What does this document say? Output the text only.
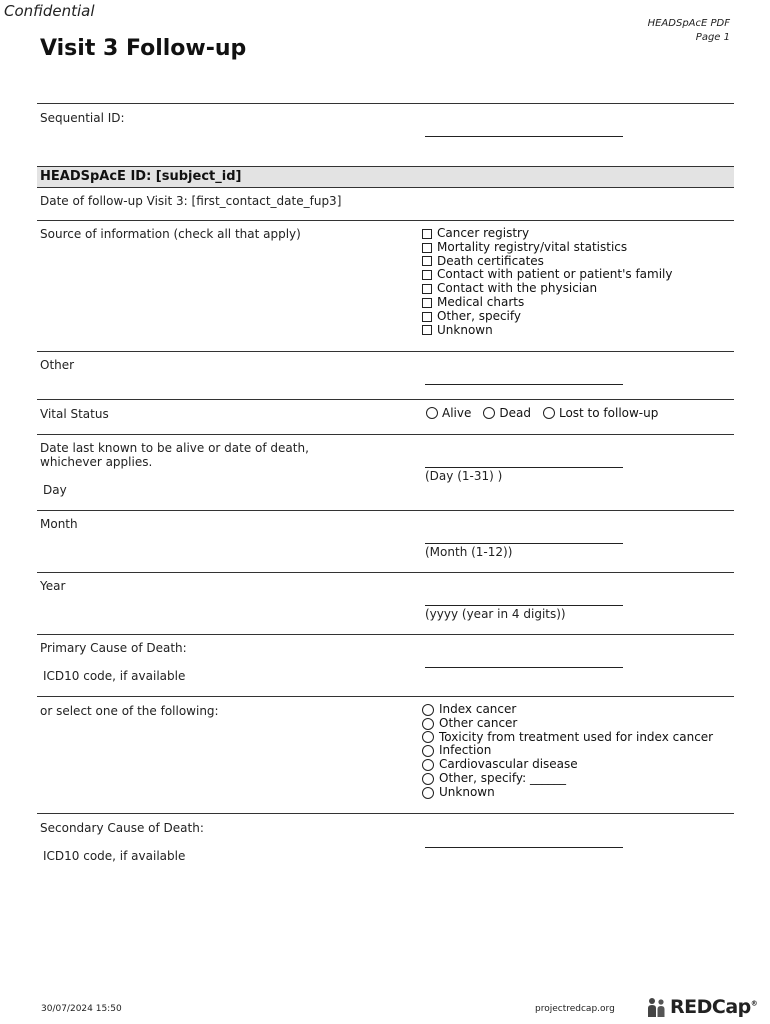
Confidential
HEADSpAcE PDF
Page 1
Visit 3 Follow-up
Sequential ID:
HEADSpAcE ID: [subject_id]
Date of follow-up Visit 3: [first_contact_date_fup3]
Source of information (check all that apply)	Cancer registry
Mortality registry/vital statistics
Death certificates
Contact with patient or patient's family
Contact with the physician
Medical charts
Other, specify
Unknown
Other
Vital Status	Alive Dead Lost to follow-up
Date last known to be alive or date of death, whichever applies.
Day
(Day (1-31) )
Month
(Month (1-12))
Year
(yyyy (year in 4 digits))
Primary Cause of Death:
ICD10 code, if available
or select one of the following:	Index cancer
Other cancer
Toxicity from treatment used for index cancer
Infection
Cardiovascular disease
Other, specify: ______
Unknown
Secondary Cause of Death:
ICD10 code, if available
30/07/2024 15:50	projectredcap.org	REDCap®
